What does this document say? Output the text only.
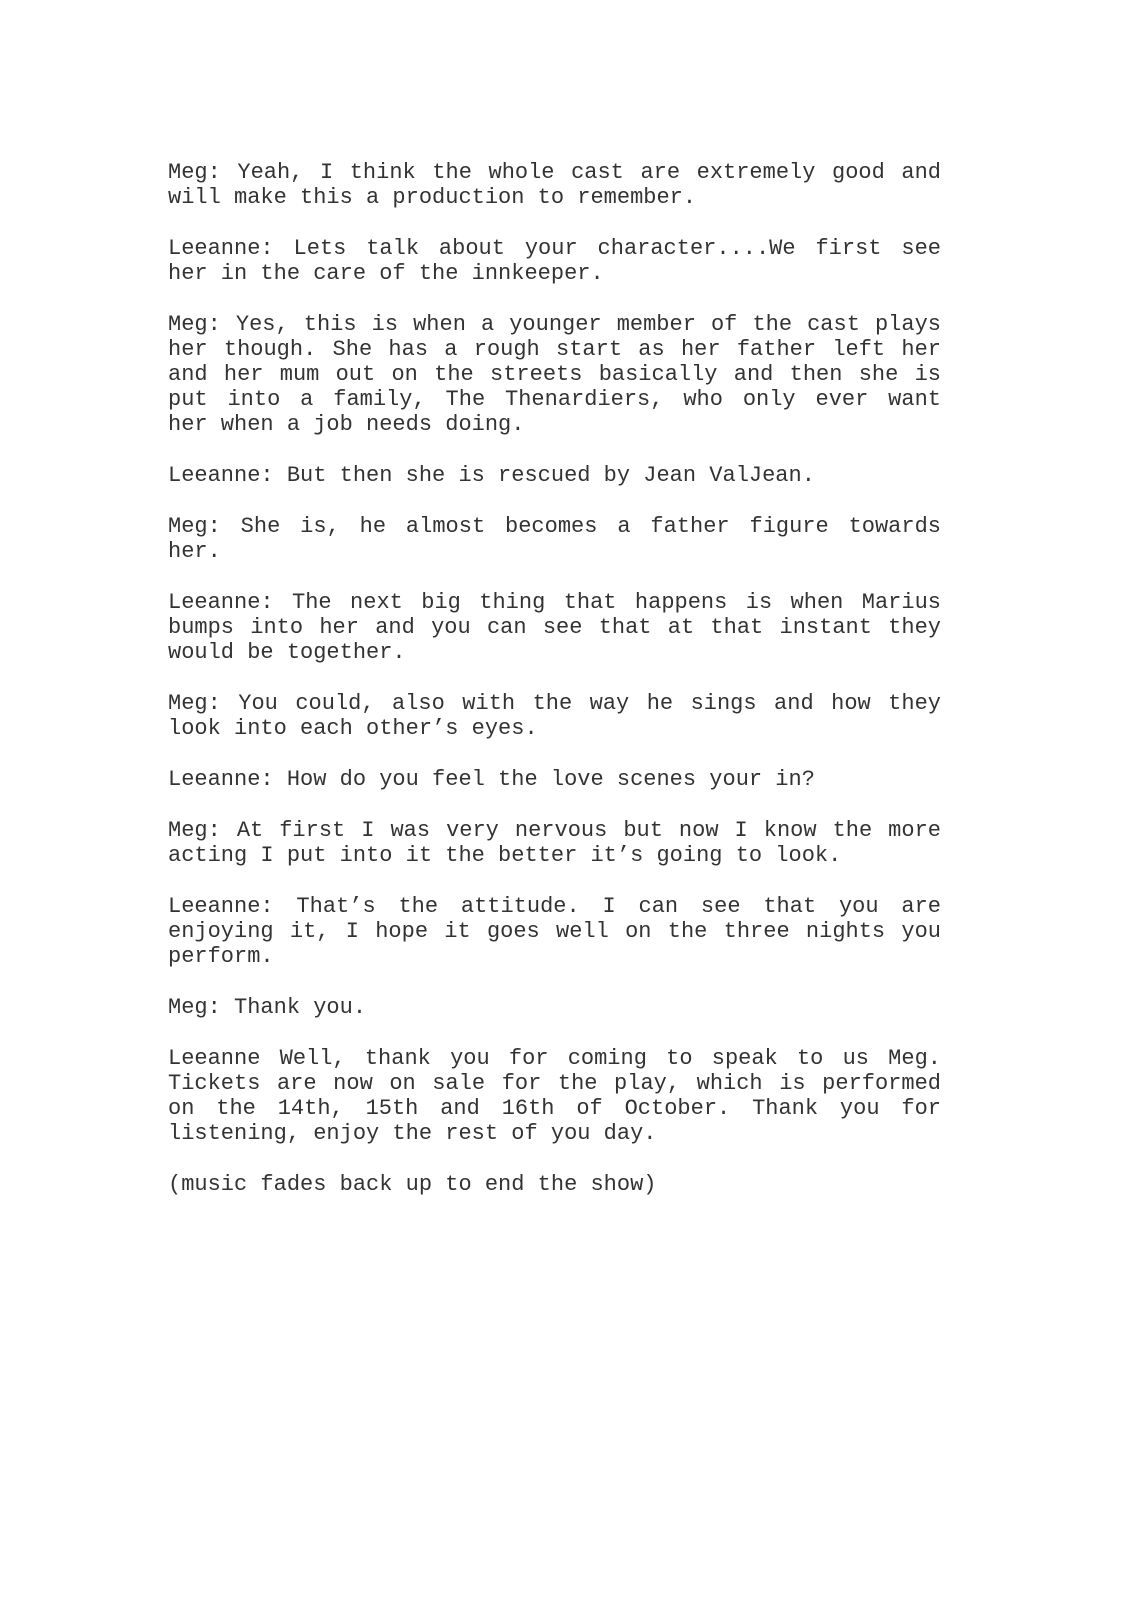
Meg: Yeah, I think the whole cast are extremely good and
will make this a production to remember.
Leeanne: Lets talk about your character....We first see
her in the care of the innkeeper.
Meg: Yes, this is when a younger member of the cast plays
her though. She has a rough start as her father left her
and her mum out on the streets basically and then she is
put into a family, The Thenardiers, who only ever want
her when a job needs doing.
Leeanne: But then she is rescued by Jean ValJean.
Meg: She is, he almost becomes a father figure towards
her.
Leeanne: The next big thing that happens is when Marius
bumps into her and you can see that at that instant they
would be together.
Meg: You could, also with the way he sings and how they
look into each other’s eyes.
Leeanne: How do you feel the love scenes your in?
Meg: At first I was very nervous but now I know the more
acting I put into it the better it’s going to look.
Leeanne: That’s the attitude. I can see that you are
enjoying it, I hope it goes well on the three nights you
perform.
Meg: Thank you.
Leeanne Well, thank you for coming to speak to us Meg.
Tickets are now on sale for the play, which is performed
on the 14th, 15th and 16th of October. Thank you for
listening, enjoy the rest of you day.
(music fades back up to end the show)
